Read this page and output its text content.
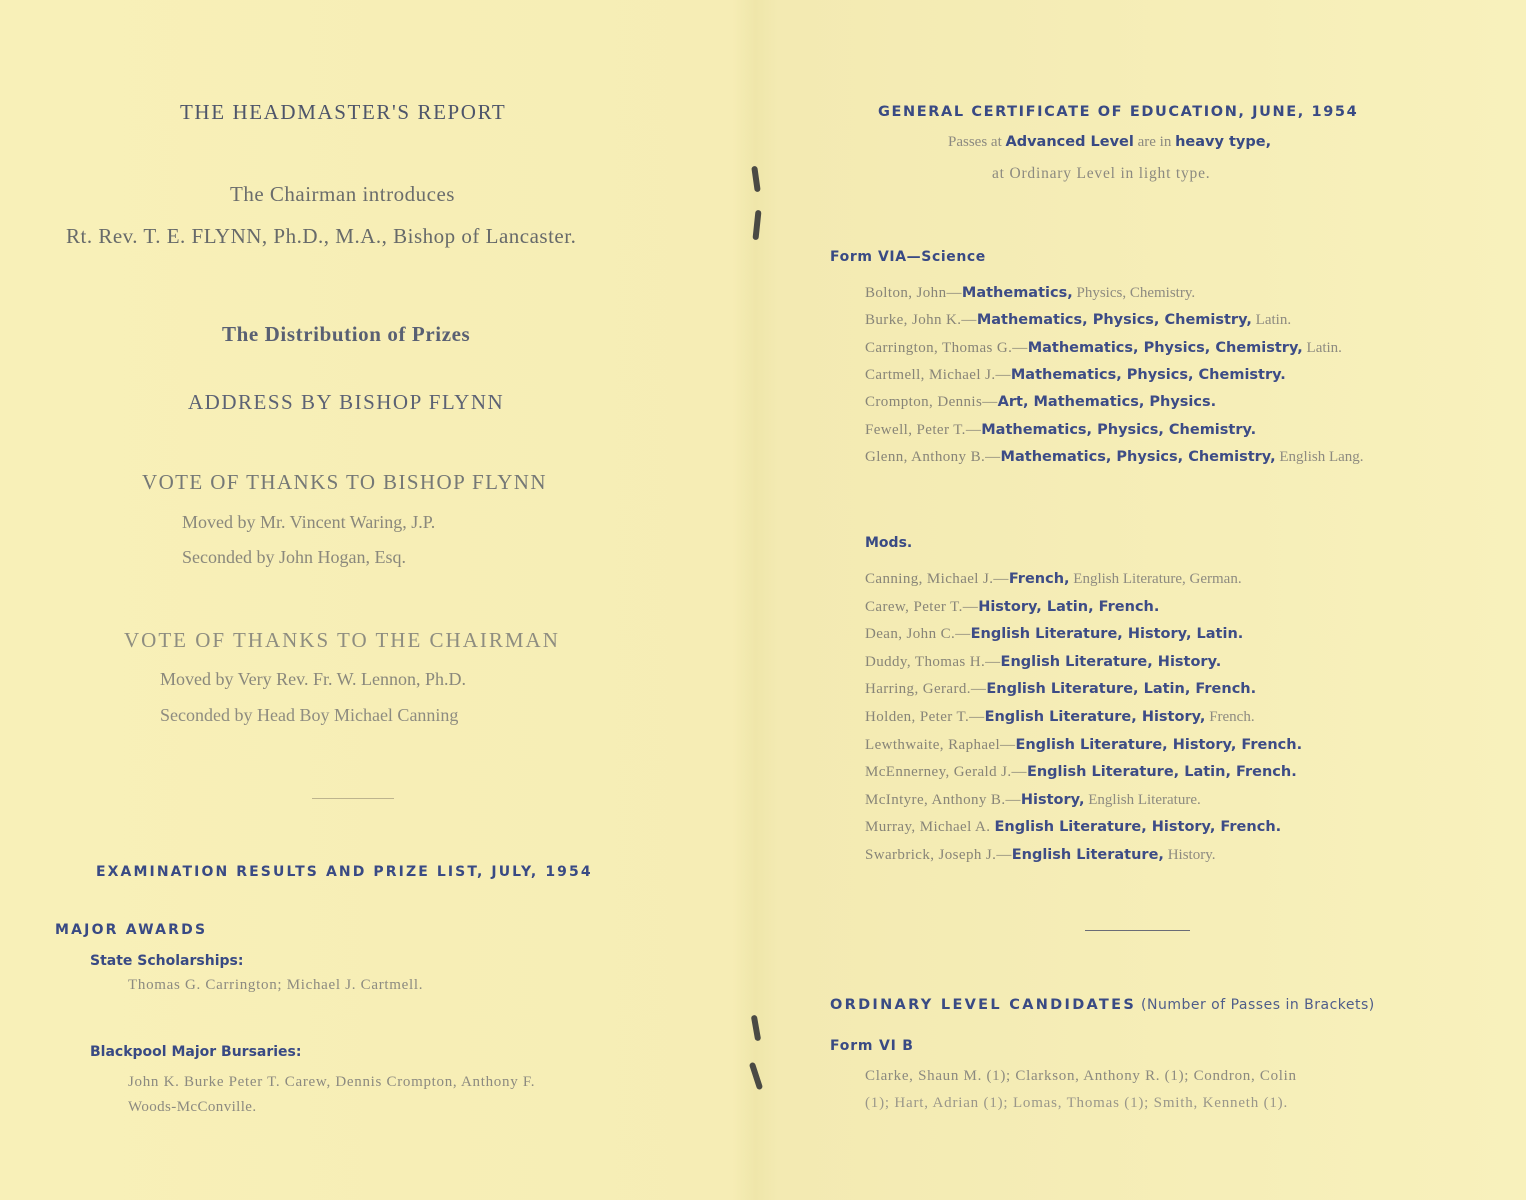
THE HEADMASTER'S REPORT
The Chairman introduces
Rt. Rev. T. E. FLYNN, Ph.D., M.A., Bishop of Lancaster.
The Distribution of Prizes
ADDRESS BY BISHOP FLYNN
VOTE OF THANKS TO BISHOP FLYNN
Moved by Mr. Vincent Waring, J.P.
Seconded by John Hogan, Esq.
VOTE OF THANKS TO THE CHAIRMAN
Moved by Very Rev. Fr. W. Lennon, Ph.D.
Seconded by Head Boy Michael Canning
EXAMINATION RESULTS AND PRIZE LIST, JULY, 1954
MAJOR AWARDS
State Scholarships:
Thomas G. Carrington; Michael J. Cartmell.
Blackpool Major Bursaries:
John K. Burke Peter T. Carew, Dennis Crompton, Anthony F.
Woods-McConville.
GENERAL CERTIFICATE OF EDUCATION, JUNE, 1954
Passes at Advanced Level are in heavy type,
at Ordinary Level in light type.
Form VIA—Science
Bolton, John—Mathematics, Physics, Chemistry.
Burke, John K.—Mathematics, Physics, Chemistry, Latin.
Carrington, Thomas G.—Mathematics, Physics, Chemistry, Latin.
Cartmell, Michael J.—Mathematics, Physics, Chemistry.
Crompton, Dennis—Art, Mathematics, Physics.
Fewell, Peter T.—Mathematics, Physics, Chemistry.
Glenn, Anthony B.—Mathematics, Physics, Chemistry, English Lang.
Mods.
Canning, Michael J.—French, English Literature, German.
Carew, Peter T.—History, Latin, French.
Dean, John C.—English Literature, History, Latin.
Duddy, Thomas H.—English Literature, History.
Harring, Gerard.—English Literature, Latin, French.
Holden, Peter T.—English Literature, History, French.
Lewthwaite, Raphael—English Literature, History, French.
McEnnerney, Gerald J.—English Literature, Latin, French.
McIntyre, Anthony B.—History, English Literature.
Murray, Michael A. English Literature, History, French.
Swarbrick, Joseph J.—English Literature, History.
ORDINARY LEVEL CANDIDATES (Number of Passes in Brackets)
Form VI B
Clarke, Shaun M. (1); Clarkson, Anthony R. (1); Condron, Colin
(1); Hart, Adrian (1); Lomas, Thomas (1); Smith, Kenneth (1).
